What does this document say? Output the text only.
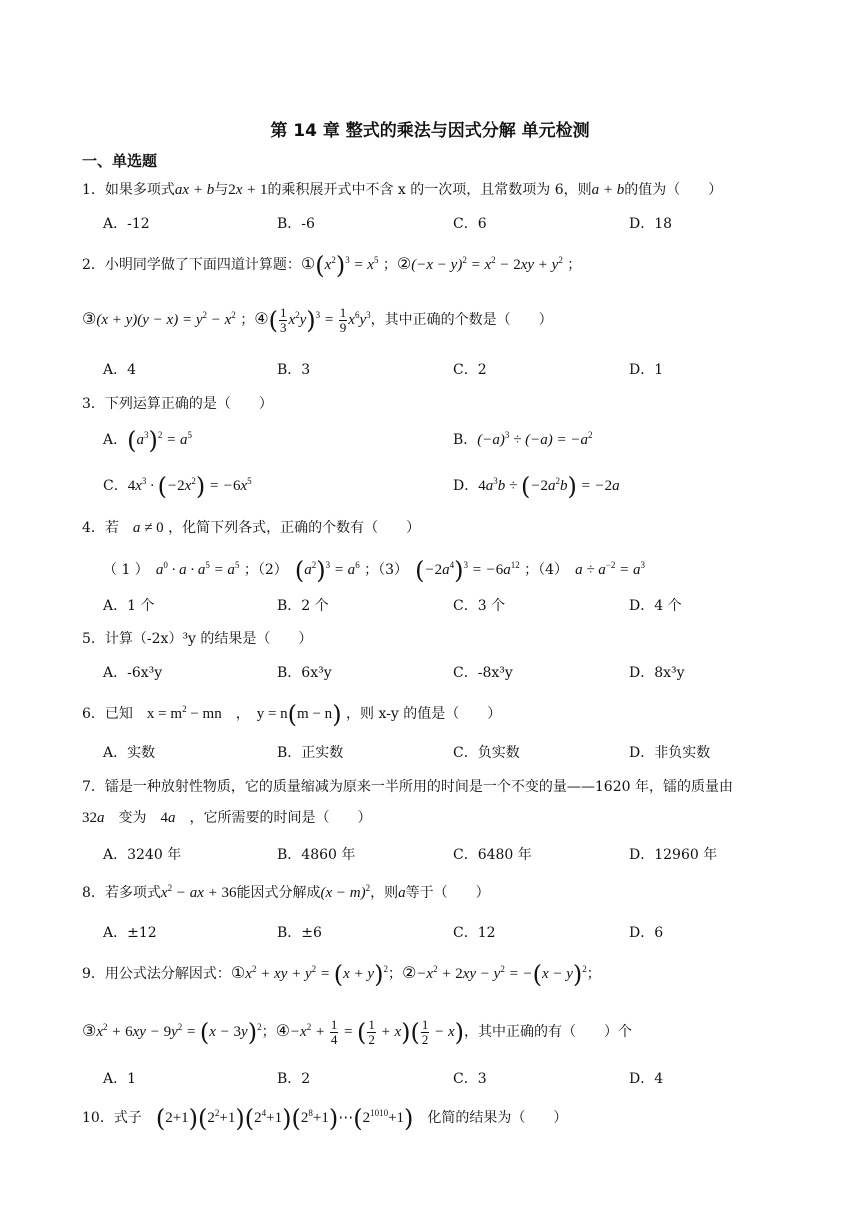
第 14 章 整式的乘法与因式分解 单元检测
一、单选题
1．如果多项式ax + b与2x + 1的乘积展开式中不含 x 的一次项，且常数项为 6，则a + b的值为（　　）
A．-12	B．-6	C．6	D．18
2．小明同学做了下面四道计算题：$①(x^2)^3 = x^5$ ；②(−x − $y)^2 = x^2 - 2xy + y^2$ ；
③(x + $y)(y - x) = y^2 - x^2$ ；④( $\frac{1}{3} x^2y)^3 = \frac{1}{9} x^6y^3$，其中正确的个数是（　　）
A．4	B．3	C．2	D．1
3．下列运算正确的是（　　）
A．$(a^3)^2 = a^5$	B．$(-a)^3 \div (-a) = -a^2$
C．$4x^3 \cdot (-2x^2) = -6x^5$	D．$4a^3b \div (-2a^2b) = -2a$
4．若　 a ≠ 0 ，化简下列各式，正确的个数有（　　）
（ 1 ）　 $a^0 \cdot a \cdot a^5 = a^5$ ；（2）　 $(a^2)^3 = a^6$ ；（3）　 $(-2a^4)^3 = -6a^{12}$ ；（4）　 $a \div a^{-2} = a^3$
A．1 个	B．2 个	C．3 个	D．4 个
5．计算（-2x）³y 的结果是（　　）
A．-6x³y	B．6x³y	C．-8x³y	D．8x³y
6．已知　 $x = m^2$ − mn　，　y = n(m − n) ，则 x-y 的值是（　　）
A．实数	B．正实数	C．负实数	D．非负实数
7．镭是一种放射性物质，它的质量缩减为原来一半所用的时间是一个不变的量——1620 年，镭的质量由
32a　 变为　 4a　 ，它所需要的时间是（　　）
A．3240 年	B．4860 年	C．6480 年	D．12960 年
8．若多项式$x^2$ − ax + 36能因式分解成$(x - m)^2$，则a等于（　　）
A．±12	B．±6	C．12	D．6
9．用公式法分解因式：$①x^2$ + xy + $y^2 = (x + y)^2$；$②-x^2 + 2xy - y^2 = -(x - y)^2$；
$③x^2 + 6xy - 9y^2 = (x - 3y)^2$；$④-x^2 + \frac{1}{4}$ = ( $\frac{1}{2} + x)( \frac{1}{2} - x)$，其中正确的有（　　）个
A．1	B．2	C．3	D．4
10．式子　 $(2+1)(2^2+1)(2^4+1)(2^8+1)\cdots(2^{1010}+1)$　 化简的结果为（　　）
